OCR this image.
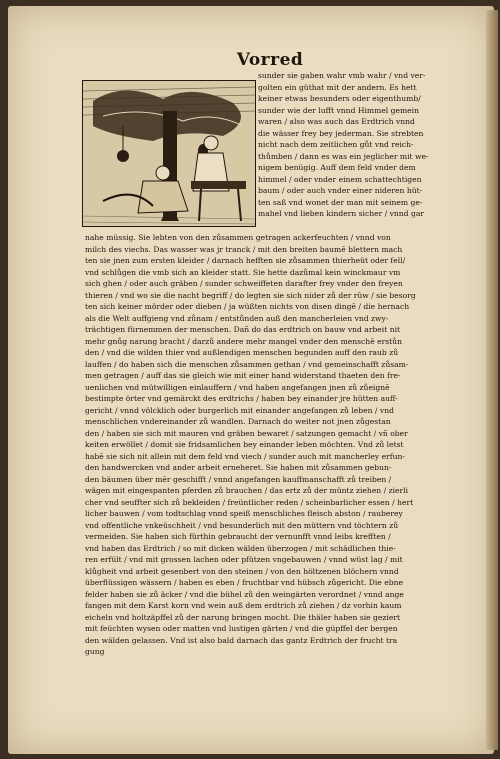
Vorred
sunder sie gaben wahr vmb wahr / vnd ver-
golten ein güthat mit der andern. Es hett
keiner etwas besunders oder eigenthumb/
sunder wie der lufft vnnd Himmel gemein
waren / also was auch das Erdtrich vnnd
die wässer frey bey jederman. Sie strebten
nicht nach dem zeitlichen gůt vnd reich-
thůmben / dann es was ein jeglicher mit we-
nigem benügig. Auff dem feld vnder dem
himmel / oder vnder einem schattechtigen
baum / oder auch vnder einer nideren hüt-
ten saß vnd wonet der man mit seinem ge-
mahel vnd lieben kindern sicher / vnnd gar
nahe müssig. Sie lebten von den zůsammen getragen ackerfeuchten / vnnd von
milch des viechs. Das wasser was jr tranck / mit den breiten baumē blettern mach
ten sie jnen zum ersten kleider / darnach hefften sie zůsammen thierheüt oder fell/
vnd schlůgen die vmb sich an kleider statt. Sie hette dazůmal kein winckmaur vm
sich ghen / oder auch gräben / sunder schweiffeten darafter frey vnder den freyen
thieren / vnd wo sie die nacht begriff / do legten sie sich nider zů der rûw / sie besorg
ten sich keiner mörder oder dieben / ja wüßten nichts von disen dingē / die hernach
als die Welt auffgieng vnd zůnam / entstůnden auß den mancherleien vnd zwy-
trächtigen fürnemmen der menschen. Dañ do das erdtrich on bauw vnd arbeit nit
mehr gnůg narung bracht / darzů andere mehr mangel vnder den menschē erstůn
den / vnd die wilden thier vnd außlendigen menschen begunden auff den raub zů
lauffen / do haben sich die menschen zůsammen gethan / vnd gemeinschafft zůsam-
men getragen / auff das sie gleich wie mit einer hand widerstand thaeten den fre-
uenlichen vnd mütwilligen einlauffern / vnd haben angefangen jnen zů zůeignē
bestimpte örter vnd gemärckt des erdtrichs / haben bey einander jre hütten auff-
gericht / vnnd völcklich oder burgerlich mit einander angefangen zů leben / vnd
menschlichen vndereinander zů wandlen. Darnach do weiter not jnen zůgestan
den / haben sie sich mit mauren vnd gräben bewaret / satzungen gemacht / vñ ober
keiten erwöllet / domit sie fridsamlichen bey einander leben möchten. Vnd zů letst
habē sie sich nit allein mit dem feld vnd viech / sunder auch mit mancherley erfun-
den handwercken vnd ander arbeit erneheret. Sie haben mit zůsammen gebun-
den bäumen über mēr geschifft / vnnd angefangen kauffmanschafft zů treiben /
wägen mit eingespanten pferden zů brauchen / das ertz zů der müntz ziehen / zierli
cher vnd seuffter sich zů bekleiden / freüntlicher reden / scheinbarlicher essen / hert
licher bauwen / vom todtschlag vnnd speiß menschliches fleisch abston / rauberey
vnd offentliche vnkeüschheit / vnd besunderlich mit den müttern vnd töchtern zů
vermeiden. Sie haben sich fürthin gebraucht der vernunfft vnnd leibs krefften /
vnd haben das Erdtrich / so mit dicken wälden überzogen / mit schädlichen thie-
ren erfült / vnd mit grossen lachen oder pfützen vngebauwen / vnnd wüst lag / mit
klůgheit vnd arbeit gesenbert von den steinen / von den höltzenen blöchern vnnd
überflüssigen wässern / haben es eben / fruchtbar vnd hübsch zůgericht. Die ebne
felder haben sie zů äcker / vnd die bühel zů den weingärten verordnet / vnnd ange
fangen mit dem Karst korn vnd wein auß dem erdtrich zů ziehen / dz vorhin kaum
eicheln vnd holtzäpffel zů der narung bringen mocht. Die thäler haben sie geziert
mit feüchten wysen oder matten vnd lustigen gärten / vnd die güpffel der bergen
den wälden gelassen. Vnd ist also bald darnach das gantz Erdtrich der frucht tra
gung
